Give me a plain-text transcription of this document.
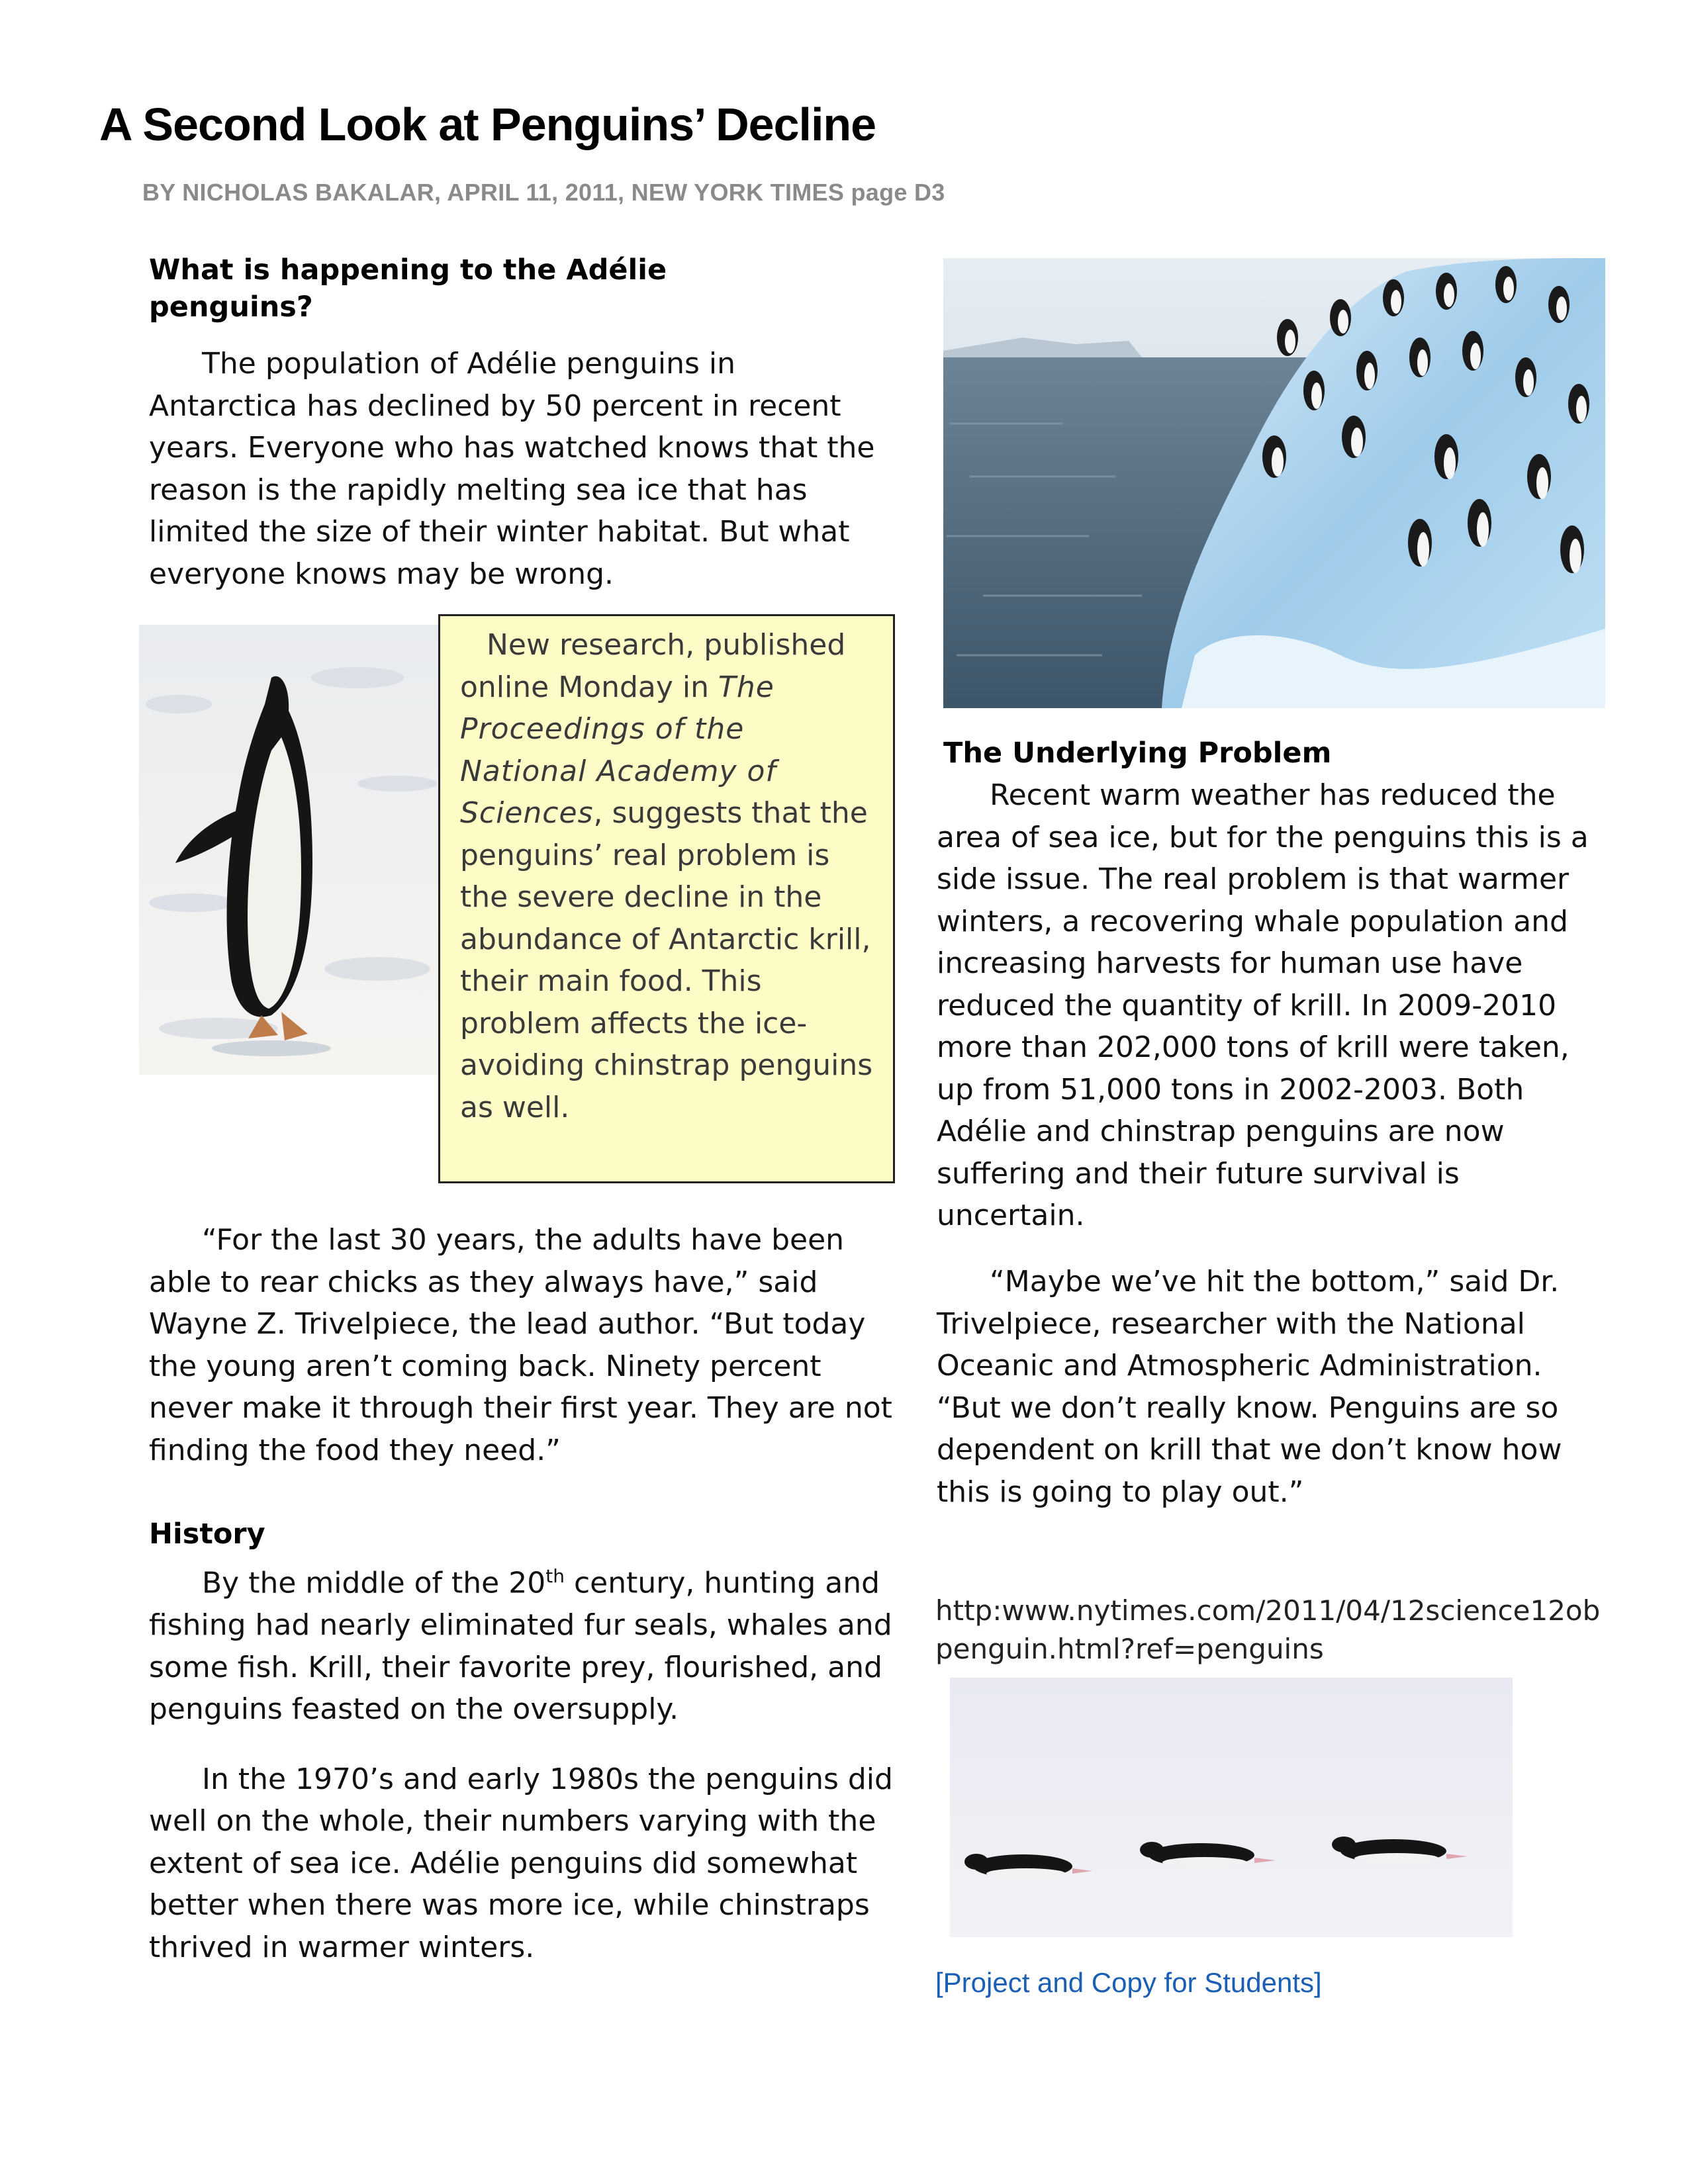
A Second Look at Penguins’ Decline
BY NICHOLAS BAKALAR, APRIL 11, 2011, NEW YORK TIMES page D3

What is happening to the Adélie
penguins?

The population of Adélie penguins in Antarctica has declined by 50 percent in recent years. Everyone who has watched knows that the reason is the rapidly melting sea ice that has limited the size of their winter habitat. But what everyone knows may be wrong.

New research, published online Monday in The Proceedings of the National Academy of Sciences, suggests that the penguins’ real problem is the severe decline in the abundance of Antarctic krill, their main food. This problem affects the ice-avoiding chinstrap penguins as well.

“For the last 30 years, the adults have been able to rear chicks as they always have,” said Wayne Z. Trivelpiece, the lead author. “But today the young aren’t coming back. Ninety percent never make it through their first year. They are not finding the food they need.”

History

By the middle of the 20th century, hunting and fishing had nearly eliminated fur seals, whales and some fish. Krill, their favorite prey, flourished, and penguins feasted on the oversupply.

In the 1970’s and early 1980s the penguins did well on the whole, their numbers varying with the extent of sea ice. Adélie penguins did somewhat better when there was more ice, while chinstraps thrived in warmer winters.

The Underlying Problem

Recent warm weather has reduced the area of sea ice, but for the penguins this is a side issue. The real problem is that warmer winters, a recovering whale population and increasing harvests for human use have reduced the quantity of krill. In 2009-2010 more than 202,000 tons of krill were taken, up from 51,000 tons in 2002-2003. Both Adélie and chinstrap penguins are now suffering and their future survival is uncertain.

“Maybe we’ve hit the bottom,” said Dr. Trivelpiece, researcher with the National Oceanic and Atmospheric Administration. “But we don’t really know. Penguins are so dependent on krill that we don’t know how this is going to play out.”

http:www.nytimes.com/2011/04/12science12obpenguin.html?ref=penguins
[Project and Copy for Students]
